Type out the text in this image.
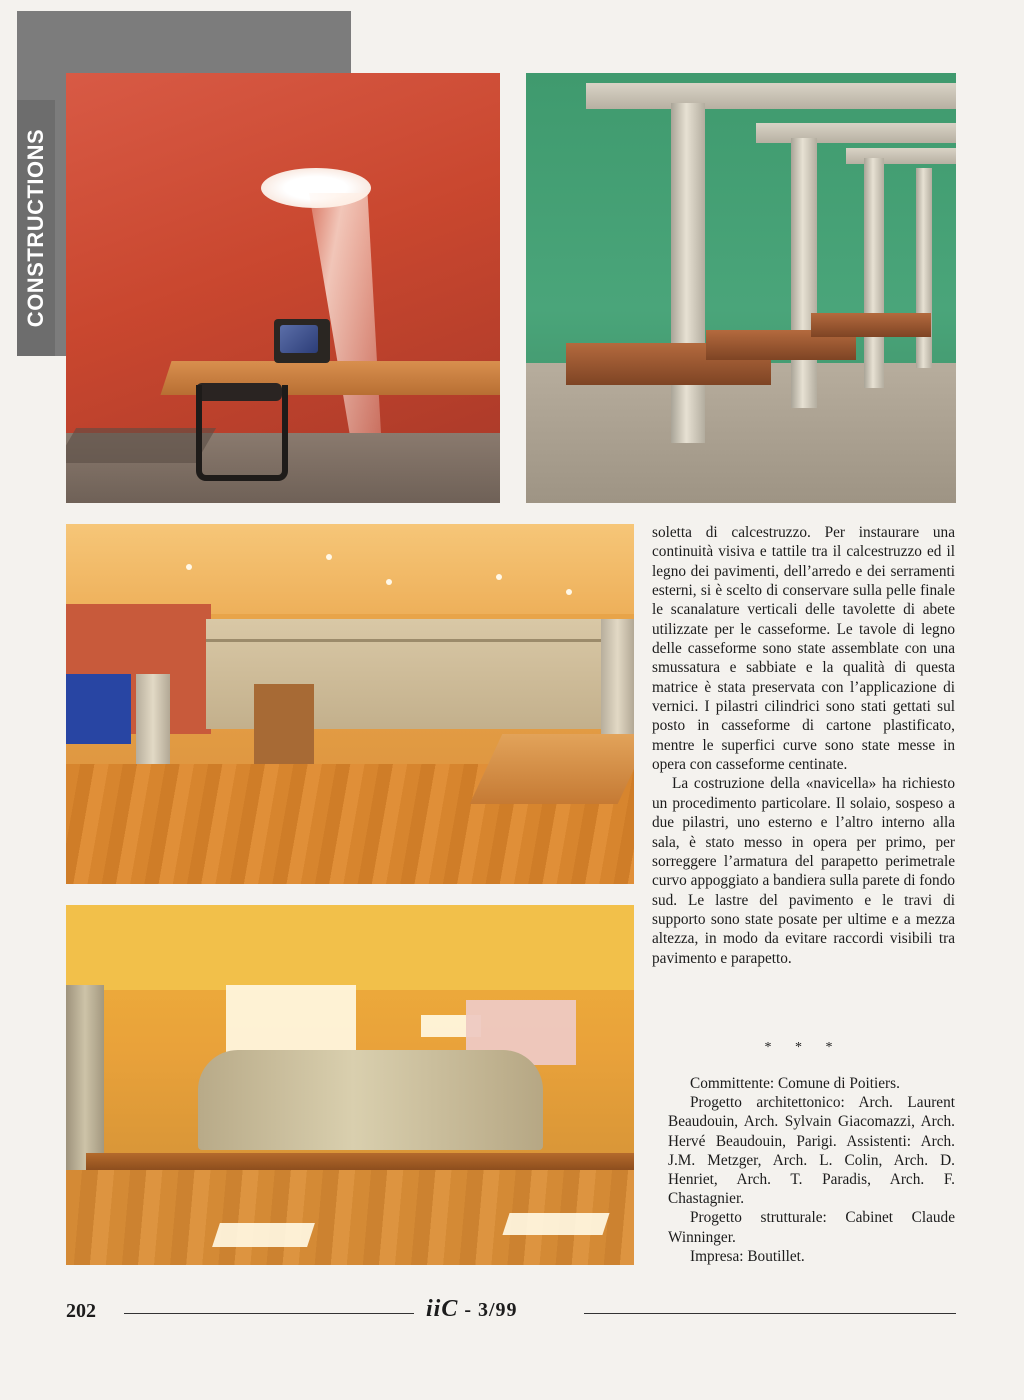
CONSTRUCTIONS

soletta di calcestruzzo. Per instaurare una continuità visiva e tattile tra il calcestruzzo ed il legno dei pavimenti, dell’arredo e dei serramenti esterni, si è scelto di conservare sulla pelle finale le scanalature verticali delle tavolette di abete utilizzate per le casseforme. Le tavole di legno delle casseforme sono state assemblate con una smussatura e sabbiate e la qualità di questa matrice è stata preservata con l’applicazione di vernici. I pilastri cilindrici sono stati gettati sul posto in casseforme di cartone plastificato, mentre le superfici curve sono state messe in opera con casseforme centinate.

La costruzione della «navicella» ha richiesto un procedimento particolare. Il solaio, sospeso a due pilastri, uno esterno e l’altro interno alla sala, è stato messo in opera per primo, per sorreggere l’armatura del parapetto perimetrale curvo appoggiato a bandiera sulla parete di fondo sud. Le lastre del pavimento e le travi di supporto sono state posate per ultime e a mezza altezza, in modo da evitare raccordi visibili tra pavimento e parapetto.

* * *

Committente: Comune di Poitiers.

Progetto architettonico: Arch. Laurent Beaudouin, Arch. Sylvain Giacomazzi, Arch. Hervé Beaudouin, Parigi. Assistenti: Arch. J.M. Metzger, Arch. L. Colin, Arch. D. Henriet, Arch. T. Paradis, Arch. F. Chastagnier.

Progetto strutturale: Cabinet Claude Winninger.

Impresa: Boutillet.

202	iiC - 3/99
